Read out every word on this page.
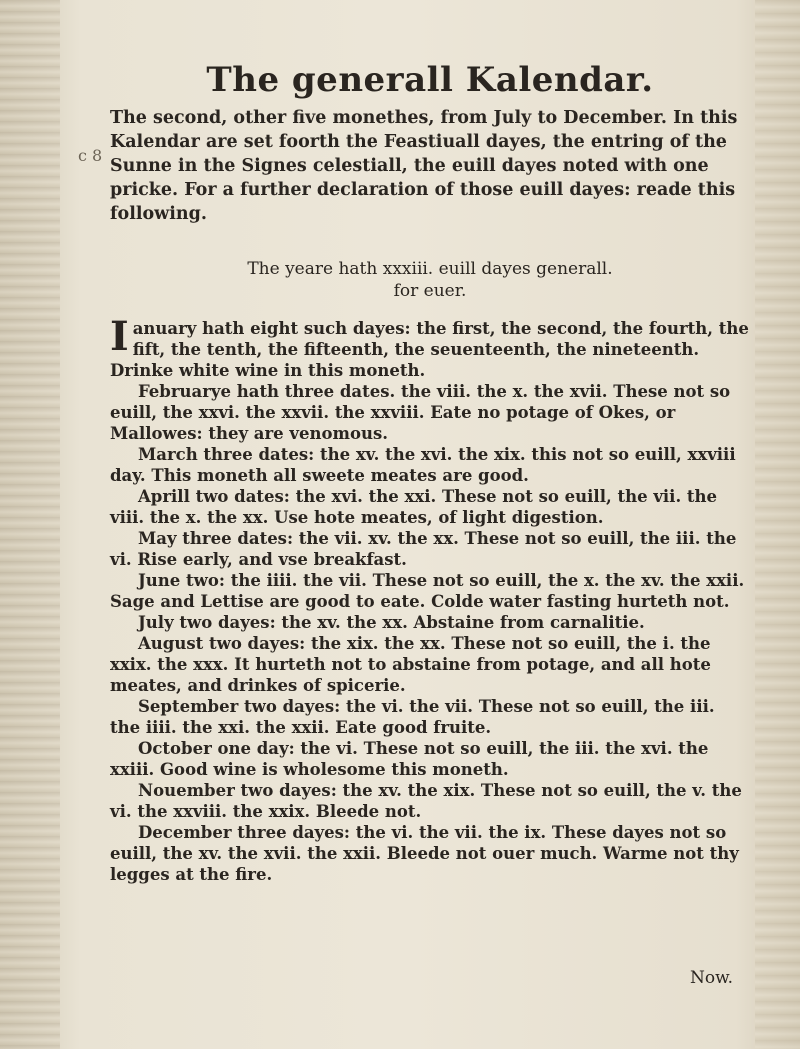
c 8
The generall Kalendar.

The second, other five monethes, from July to December. In this Kalendar are set foorth the Feastiuall dayes, the entring of the Sunne in the Signes celestiall, the euill dayes noted with one pricke. For a further declaration of those euill dayes: reade this following.

The yeare hath xxxiii. euill dayes generall.
for euer.

Ianuary hath eight such dayes: the first, the second, the fourth, the fift, the tenth, the fifteenth, the seuenteenth, the nineteenth. Drinke white wine in this moneth.

Februarye hath three dates. the viii. the x. the xvii. These not so euill, the xxvi. the xxvii. the xxviii. Eate no potage of Okes, or Mallowes: they are venomous.

March three dates: the xv. the xvi. the xix. this not so euill, xxviii day. This moneth all sweete meates are good.

Aprill two dates: the xvi. the xxi. These not so euill, the vii. the viii. the x. the xx. Use hote meates, of light digestion.

May three dates: the vii. xv. the xx. These not so euill, the iii. the vi. Rise early, and vse breakfast.

June two: the iiii. the vii. These not so euill, the x. the xv. the xxii. Sage and Lettise are good to eate. Colde water fasting hurteth not.

July two dayes: the xv. the xx. Abstaine from carnalitie.

August two dayes: the xix. the xx. These not so euill, the i. the xxix. the xxx. It hurteth not to abstaine from potage, and all hote meates, and drinkes of spicerie.

September two dayes: the vi. the vii. These not so euill, the iii. the iiii. the xxi. the xxii. Eate good fruite.

October one day: the vi. These not so euill, the iii. the xvi. the xxiii. Good wine is wholesome this moneth.

Nouember two dayes: the xv. the xix. These not so euill, the v. the vi. the xxviii. the xxix. Bleede not.

December three dayes: the vi. the vii. the ix. These dayes not so euill, the xv. the xvii. the xxii. Bleede not ouer much. Warme not thy legges at the fire.

Now.
